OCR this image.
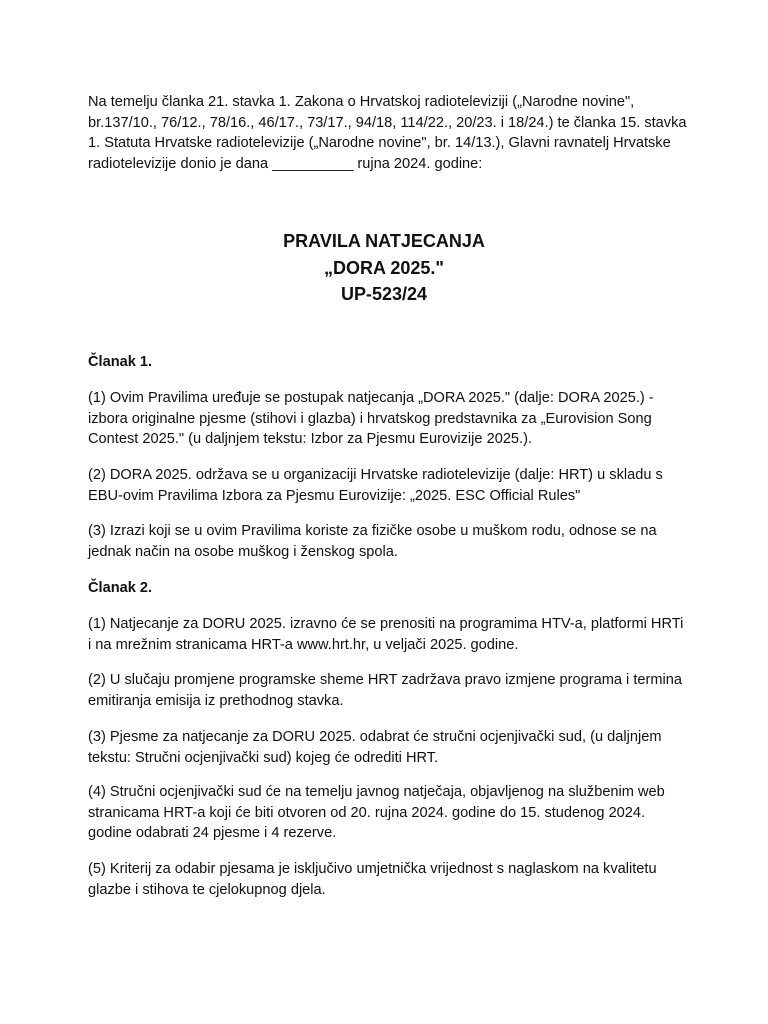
Na temelju članka 21. stavka 1. Zakona o Hrvatskoj radioteleviziji („Narodne novine", br.137/10., 76/12., 78/16., 46/17., 73/17., 94/18, 114/22., 20/23. i 18/24.) te članka 15. stavka 1. Statuta Hrvatske radiotelevizije („Narodne novine", br. 14/13.), Glavni ravnatelj Hrvatske radiotelevizije donio je dana __________ rujna 2024. godine:
PRAVILA NATJECANJA
„DORA 2025."
UP-523/24
Članak 1.
(1) Ovim Pravilima uređuje se postupak natjecanja „DORA 2025." (dalje: DORA 2025.) - izbora originalne pjesme (stihovi i glazba) i hrvatskog predstavnika za „Eurovision Song Contest 2025." (u daljnjem tekstu: Izbor za Pjesmu Eurovizije 2025.).
(2) DORA 2025. održava se u organizaciji Hrvatske radiotelevizije (dalje: HRT) u skladu s EBU-ovim Pravilima Izbora za Pjesmu Eurovizije: „2025. ESC Official Rules"
(3) Izrazi koji se u ovim Pravilima koriste za fizičke osobe u muškom rodu, odnose se na jednak način na osobe muškog i ženskog spola.
Članak 2.
(1) Natjecanje za DORU 2025. izravno će se prenositi na programima HTV-a, platformi HRTi i na mrežnim stranicama HRT-a www.hrt.hr, u veljači 2025. godine.
(2) U slučaju promjene programske sheme HRT zadržava pravo izmjene programa i termina emitiranja emisija iz prethodnog stavka.
(3) Pjesme za natjecanje za DORU 2025. odabrat će stručni ocjenjivački sud, (u daljnjem tekstu: Stručni ocjenjivački sud) kojeg će odrediti HRT.
(4) Stručni ocjenjivački sud će na temelju javnog natječaja, objavljenog na službenim web stranicama HRT-a koji će biti otvoren od 20. rujna 2024. godine do 15. studenog 2024. godine odabrati 24 pjesme i 4 rezerve.
(5) Kriterij za odabir pjesama je isključivo umjetnička vrijednost s naglaskom na kvalitetu glazbe i stihova te cjelokupnog djela.
